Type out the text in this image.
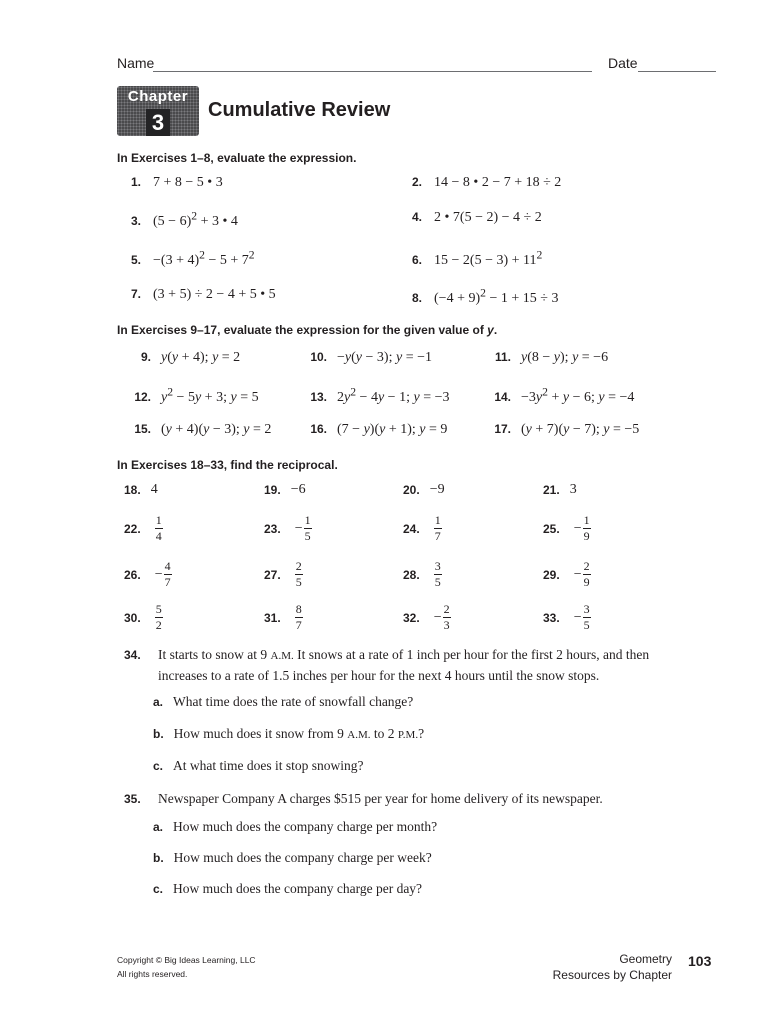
Name	Date
Chapter
3 Cumulative Review
In Exercises 1–8, evaluate the expression.
1. 7 + 8 − 5 • 3	2. 14 − 8 • 2 − 7 + 18 ÷ 2
3. $(5 - 6)^2 + 3$ • 4	4. 2 • 7(5 − 2) − 4 ÷ 2
5. $-(3 + 4)^2 - 5 + 7^2$	6. $15 - 2(5 - 3) + 11^2$
7. (3 + 5) ÷ 2 − 4 + 5 • 5	8. $(-4 + 9)^2 - 1 + 15 \div 3$
In Exercises 9–17, evaluate the expression for the given value of y.
9. y(y + 4); y = 2	10. −y(y − 3); y = −1	11. y(8 − y); y = −6
12. $y^2 - 5y + 3$; y = 5	13. $2y^2 - 4y - 1$; y = −3	14. $-3y^2 + y - 6$; y = −4
15. (y + 4)(y − 3); y = 2	16. (7 − y)(y + 1); y = 9	17. (y + 7)(y − 7); y = −5
In Exercises 18–33, find the reciprocal.
18. 4	19. −6	20. −9	21. 3
22. $\frac{1}{4}$	23. − $\frac{1}{5}$	24. $\frac{1}{7}$	25. − $\frac{1}{9}$
26. − $\frac{4}{7}$	27. $\frac{2}{5}$	28. $\frac{3}{5}$	29. − $\frac{2}{9}$
30. $\frac{5}{2}$	31. $\frac{8}{7}$	32. − $\frac{2}{3}$	33. − $\frac{3}{5}$
34. It starts to snow at 9 A.M. It snows at a rate of 1 inch per hour for the first 2 hours, and then increases to a rate of 1.5 inches per hour for the next 4 hours until the snow stops.
a. What time does the rate of snowfall change?
b. How much does it snow from 9 A.M. to 2 P.M.?
c. At what time does it stop snowing?
35. Newspaper Company A charges $515 per year for home delivery of its newspaper.
a. How much does the company charge per month?
b. How much does the company charge per week?
c. How much does the company charge per day?
Copyright © Big Ideas Learning, LLC
All rights reserved.
Geometry
Resources by Chapter
103
